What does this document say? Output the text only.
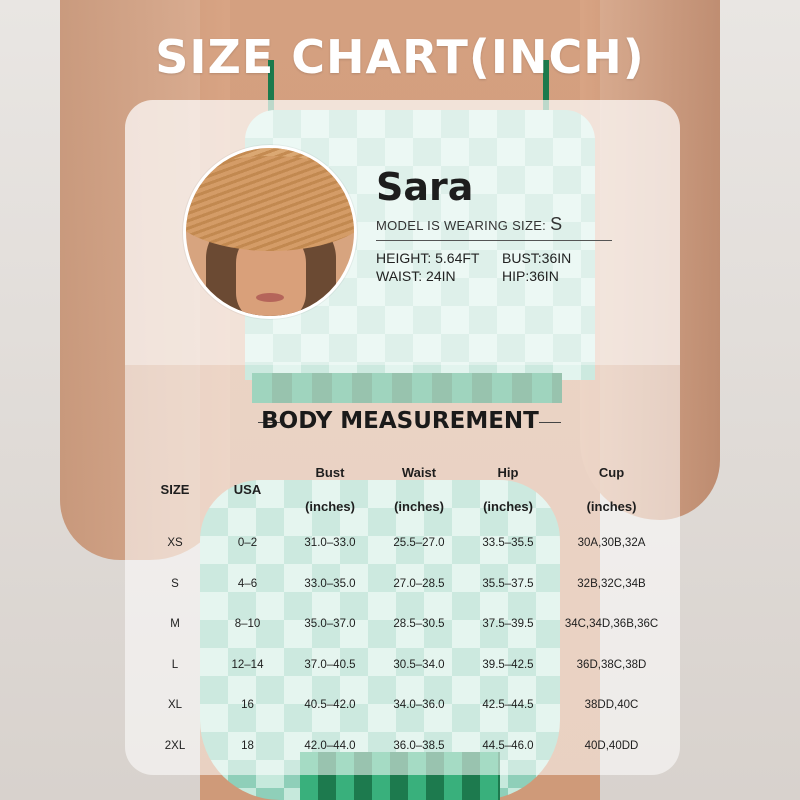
SIZE CHART(INCH)
Sara
MODEL IS WEARING SIZE: S
HEIGHT: 5.64FT	BUST:36IN
WAIST: 24IN	HIP:36IN
BODY MEASUREMENT
SIZE	USA	Bust	Waist	Hip	Cup
		(inches)	(inches)	(inches)	(inches)
XS	0–2	31.0–33.0	25.5–27.0	33.5–35.5	30A,30B,32A
S	4–6	33.0–35.0	27.0–28.5	35.5–37.5	32B,32C,34B
M	8–10	35.0–37.0	28.5–30.5	37.5–39.5	34C,34D,36B,36C
L	12–14	37.0–40.5	30.5–34.0	39.5–42.5	36D,38C,38D
XL	16	40.5–42.0	34.0–36.0	42.5–44.5	38DD,40C
2XL	18	42.0–44.0	36.0–38.5	44.5–46.0	40D,40DD
